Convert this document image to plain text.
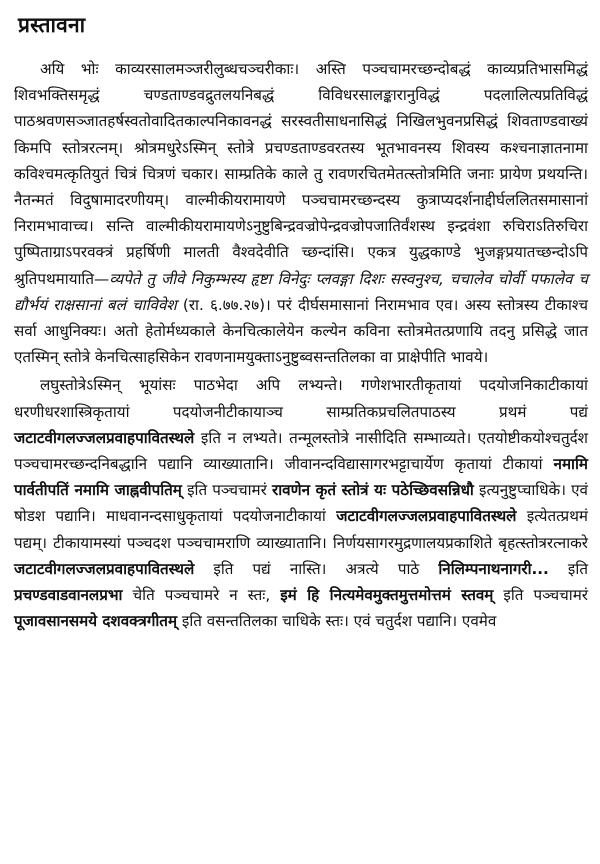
प्रस्तावना

अयि भोः काव्यरसालमञ्जरीलुब्धचञ्चरीकाः। अस्ति पञ्चचामरच्छन्दोबद्धं काव्यप्रतिभासमिद्धं शिवभक्तिसमृद्धं चण्डताण्डवद्रुतलयनिबद्धं विविधरसालङ्कारानुविद्धं पदलालित्यप्रतिविद्धं पाठश्रवणसञ्जातहर्षस्वतोवादितकाल्पनिकावनद्धं सरस्वतीसाधनासिद्धं निखिलभुवनप्रसिद्धं शिवताण्डवाख्यं किमपि स्तोत्ररत्नम्। श्रोत्रमधुरेऽस्मिन् स्तोत्रे प्रचण्डताण्डवरतस्य भूतभावनस्य शिवस्य कश्चनाज्ञातनामा कविश्चमत्कृतियुतं चित्रं चित्रणं चकार। साम्प्रतिके काले तु रावणरचितमेतत्स्तोत्रमिति जनाः प्रायेण प्रथयन्ति। नैतन्मतं विदुषामादरणीयम्। वाल्मीकीयरामायणे पञ्चचामरच्छन्दस्य कुत्राप्यदर्शनाद्दीर्घललितसमासानां निरामभावाच्च। सन्ति वाल्मीकीयरामायणेऽनुष्टुबिन्द्रवज्रोपेन्द्रवज्रोपजातिर्वंशस्थ इन्द्रवंशा रुचिराऽतिरुचिरा पुष्पिताग्राऽपरवक्त्रं प्रहर्षिणी मालती वैश्वदेवीति च्छन्दांसि। एकत्र युद्धकाण्डे भुजङ्गप्रयातच्छन्दोऽपि श्रुतिपथमायाति—व्यपेते तु जीवे निकुम्भस्य हृष्टा विनेदुः प्लवङ्गा दिशः सस्वनुश्च, चचालेव चोर्वी पफालेव च द्यौर्भयं राक्षसानां बलं चाविवेश (रा. ६.७७.२७)। परं दीर्घसमासानां निरामभाव एव। अस्य स्तोत्रस्य टीकाश्च सर्वा आधुनिक्यः। अतो हेतोर्मध्यकाले केनचित्कालेयेन कल्येन कविना स्तोत्रमेतत्प्रणायि तदनु प्रसिद्धे जात एतस्मिन् स्तोत्रे केनचित्साहसिकेन रावणनामयुक्ताऽनुष्टुब्वसन्ततिलका वा प्राक्षेपीति भावये।

लघुस्तोत्रेऽस्मिन् भूयांसः पाठभेदा अपि लभ्यन्ते। गणेशभारतीकृतायां पदयोजनिकाटीकायां धरणीधरशास्त्रिकृतायां पदयोजनीटीकायाञ्च साम्प्रतिकप्रचलितपाठस्य प्रथमं पद्यं जटाटवीगलज्जलप्रवाहपावितस्थले इति न लभ्यते। तन्मूलस्तोत्रे नासीदिति सम्भाव्यते। एतयोष्टीकयोश्चतुर्दश पञ्चचामरच्छन्दनिबद्धानि पद्यानि व्याख्यातानि। जीवानन्दविद्यासागरभट्टाचार्येण कृतायां टीकायां नमामि पार्वतीपतिं नमामि जाह्नवीपतिम् इति पञ्चचामरं रावणेन कृतं स्तोत्रं यः पठेच्छिवसन्निधौ इत्यनुष्टुप्चाधिके। एवं षोडश पद्यानि। माधवानन्दसाधुकृतायां पदयोजनाटीकायां जटाटवीगलज्जलप्रवाहपावितस्थले इत्येतत्प्रथमं पद्यम्। टीकायामस्यां पञ्चदश पञ्चचामराणि व्याख्यातानि। निर्णयसागरमुद्रणालयप्रकाशिते बृहत्स्तोत्ररत्नाकरे जटाटवीगलज्जलप्रवाहपावितस्थले इति पद्यं नास्ति। अत्रत्ये पाठे निलिम्पनाथनागरी... इति प्रचण्डवाडवानलप्रभा चेति पञ्चचामरे न स्तः, इमं हि नित्यमेवमुक्तमुत्तमोत्तमं स्तवम् इति पञ्चचामरं पूजावसानसमये दशवक्त्रगीतम् इति वसन्ततिलका चाधिके स्तः। एवं चतुर्दश पद्यानि। एवमेव
